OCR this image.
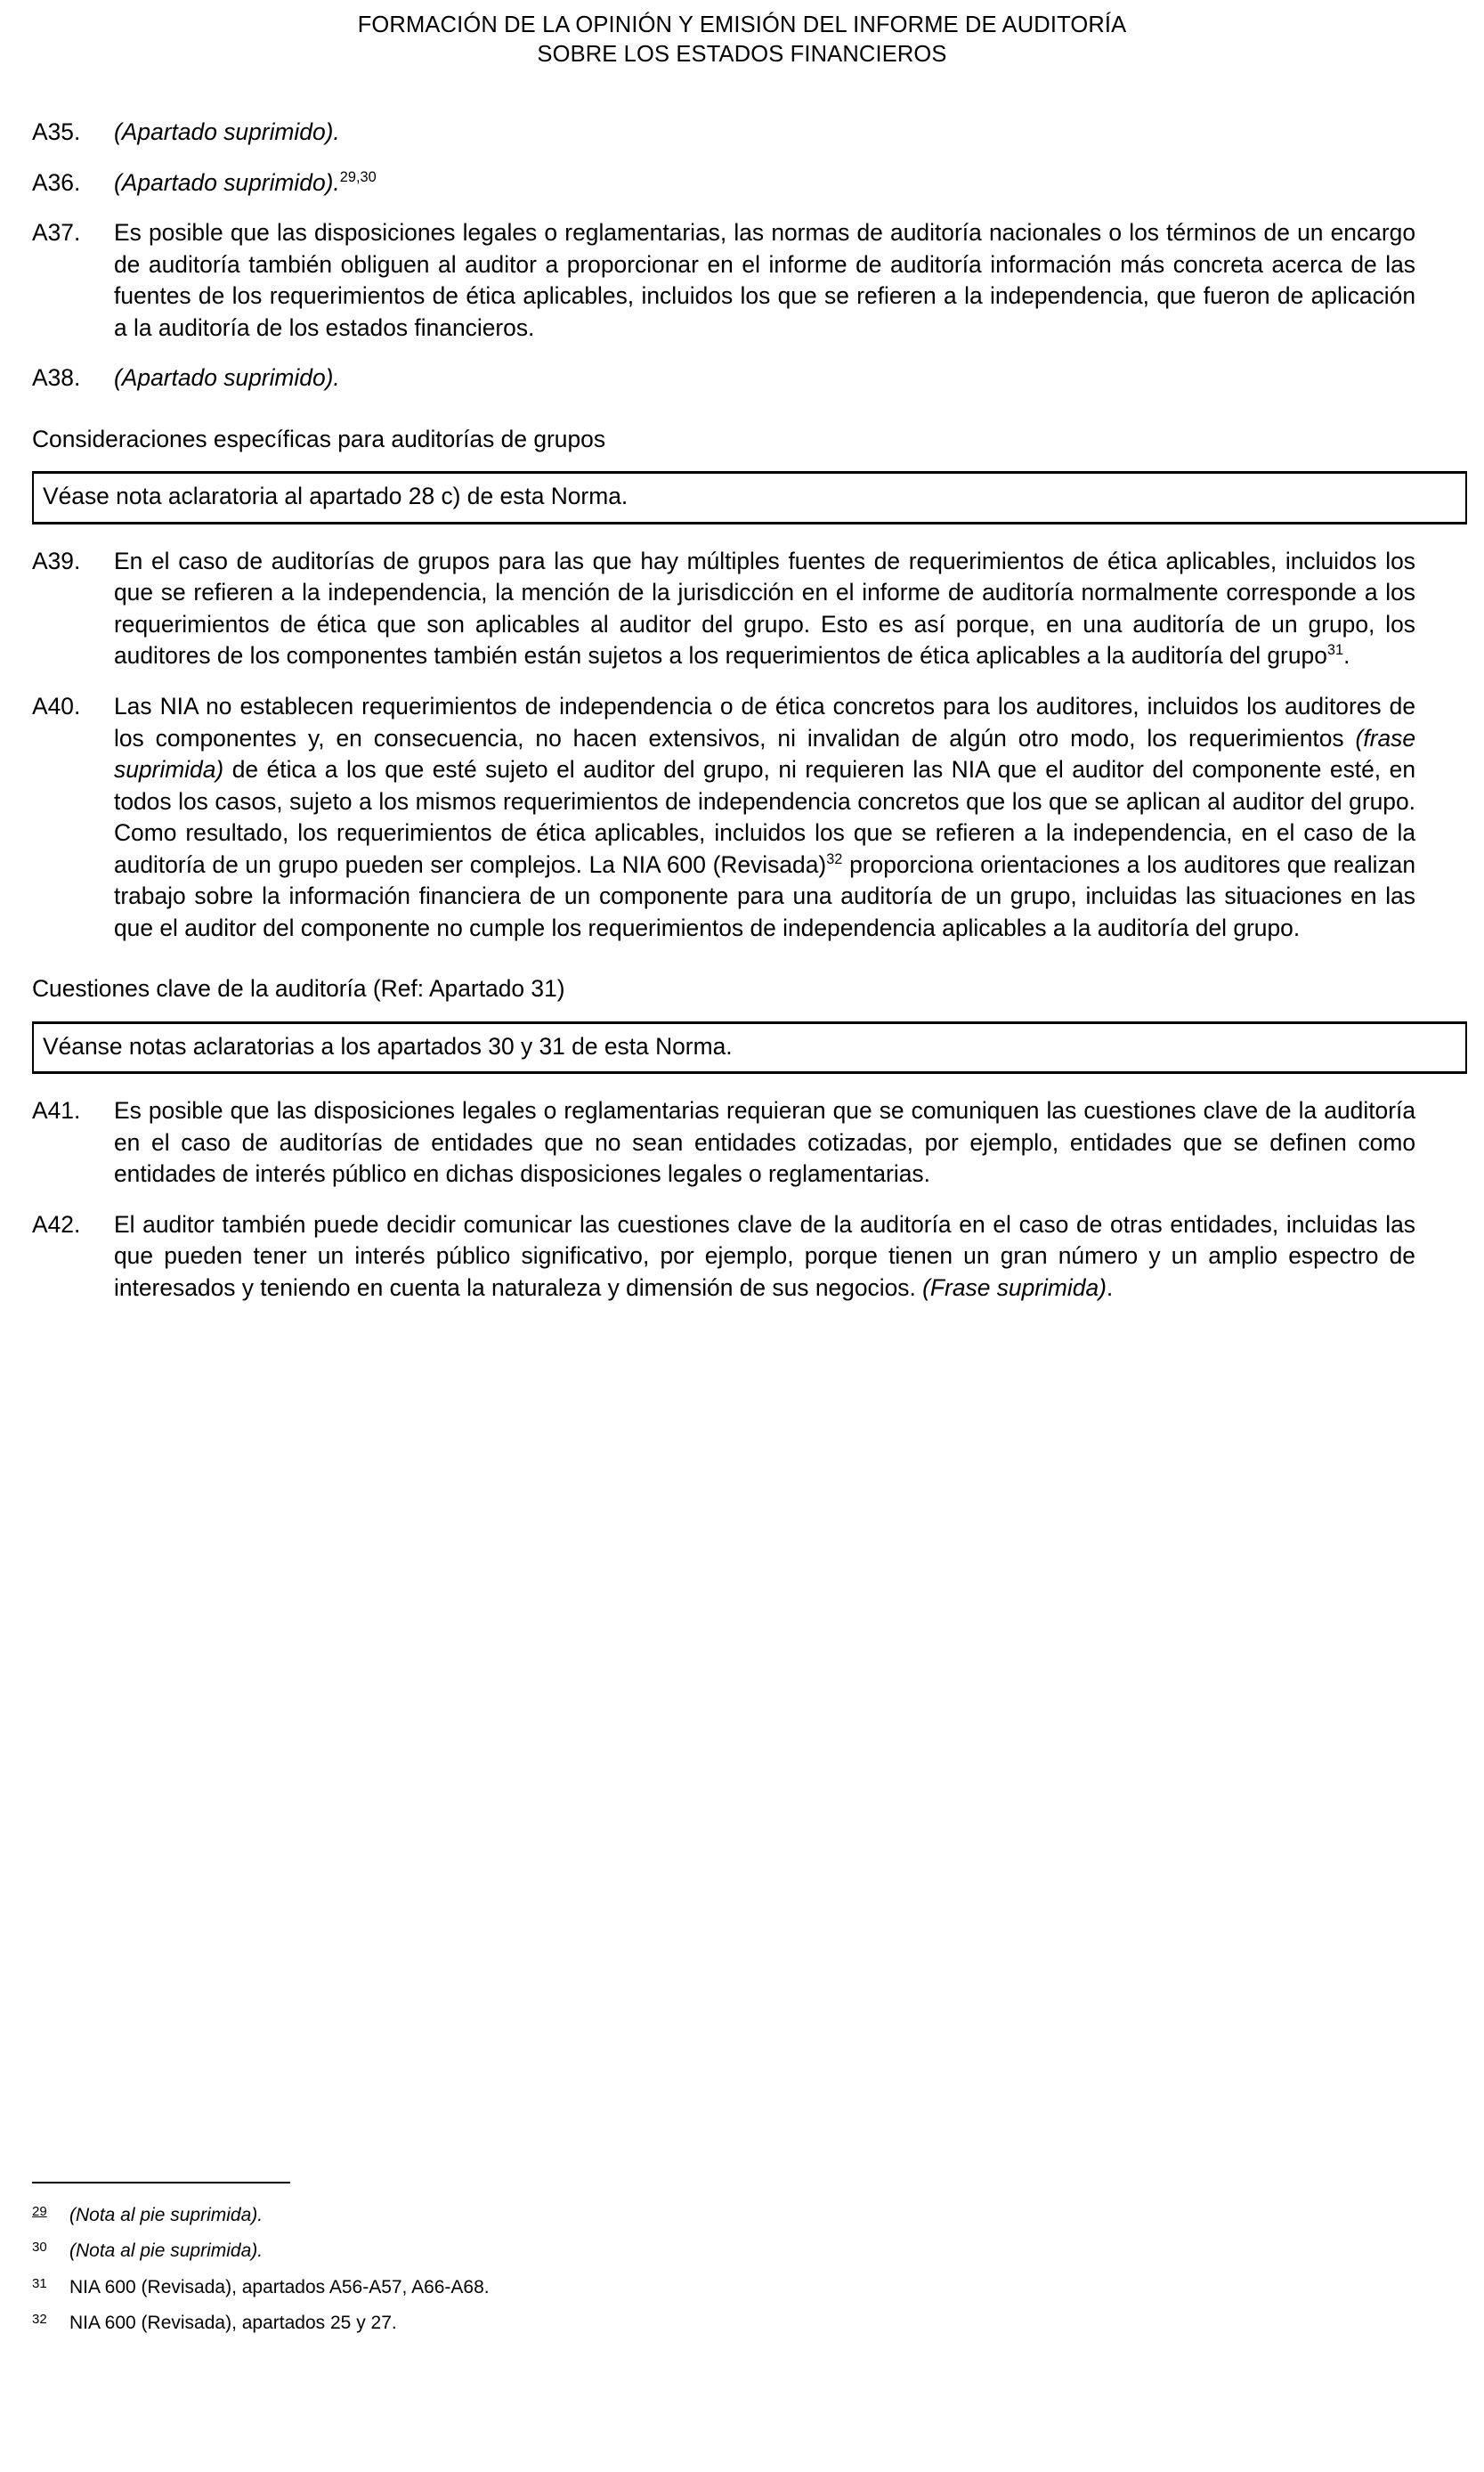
FORMACIÓN DE LA OPINIÓN Y EMISIÓN DEL INFORME DE AUDITORÍA
SOBRE LOS ESTADOS FINANCIEROS
A35.	(Apartado suprimido).
A36.	(Apartado suprimido).$^{29,30}$
A37.	Es posible que las disposiciones legales o reglamentarias, las normas de auditoría nacionales o los términos de un encargo de auditoría también obliguen al auditor a proporcionar en el informe de auditoría información más concreta acerca de las fuentes de los requerimientos de ética aplicables, incluidos los que se refieren a la independencia, que fueron de aplicación a la auditoría de los estados financieros.
A38.	(Apartado suprimido).
Consideraciones específicas para auditorías de grupos
Véase nota aclaratoria al apartado 28 c) de esta Norma.
A39.	En el caso de auditorías de grupos para las que hay múltiples fuentes de requerimientos de ética aplicables, incluidos los que se refieren a la independencia, la mención de la jurisdicción en el informe de auditoría normalmente corresponde a los requerimientos de ética que son aplicables al auditor del grupo. Esto es así porque, en una auditoría de un grupo, los auditores de los componentes también están sujetos a los requerimientos de ética aplicables a la auditoría del grupo$^{31}$.
A40.	Las NIA no establecen requerimientos de independencia o de ética concretos para los auditores, incluidos los auditores de los componentes y, en consecuencia, no hacen extensivos, ni invalidan de algún otro modo, los requerimientos (frase suprimida) de ética a los que esté sujeto el auditor del grupo, ni requieren las NIA que el auditor del componente esté, en todos los casos, sujeto a los mismos requerimientos de independencia concretos que los que se aplican al auditor del grupo. Como resultado, los requerimientos de ética aplicables, incluidos los que se refieren a la independencia, en el caso de la auditoría de un grupo pueden ser complejos. La NIA 600 (Revisada)$^{32}$ proporciona orientaciones a los auditores que realizan trabajo sobre la información financiera de un componente para una auditoría de un grupo, incluidas las situaciones en las que el auditor del componente no cumple los requerimientos de independencia aplicables a la auditoría del grupo.
Cuestiones clave de la auditoría (Ref: Apartado 31)
Véanse notas aclaratorias a los apartados 30 y 31 de esta Norma.
A41.	Es posible que las disposiciones legales o reglamentarias requieran que se comuniquen las cuestiones clave de la auditoría en el caso de auditorías de entidades que no sean entidades cotizadas, por ejemplo, entidades que se definen como entidades de interés público en dichas disposiciones legales o reglamentarias.
A42.	El auditor también puede decidir comunicar las cuestiones clave de la auditoría en el caso de otras entidades, incluidas las que pueden tener un interés público significativo, por ejemplo, porque tienen un gran número y un amplio espectro de interesados y teniendo en cuenta la naturaleza y dimensión de sus negocios. (Frase suprimida).
29	(Nota al pie suprimida).
30	(Nota al pie suprimida).
31	NIA 600 (Revisada), apartados A56-A57, A66-A68.
32	NIA 600 (Revisada), apartados 25 y 27.
